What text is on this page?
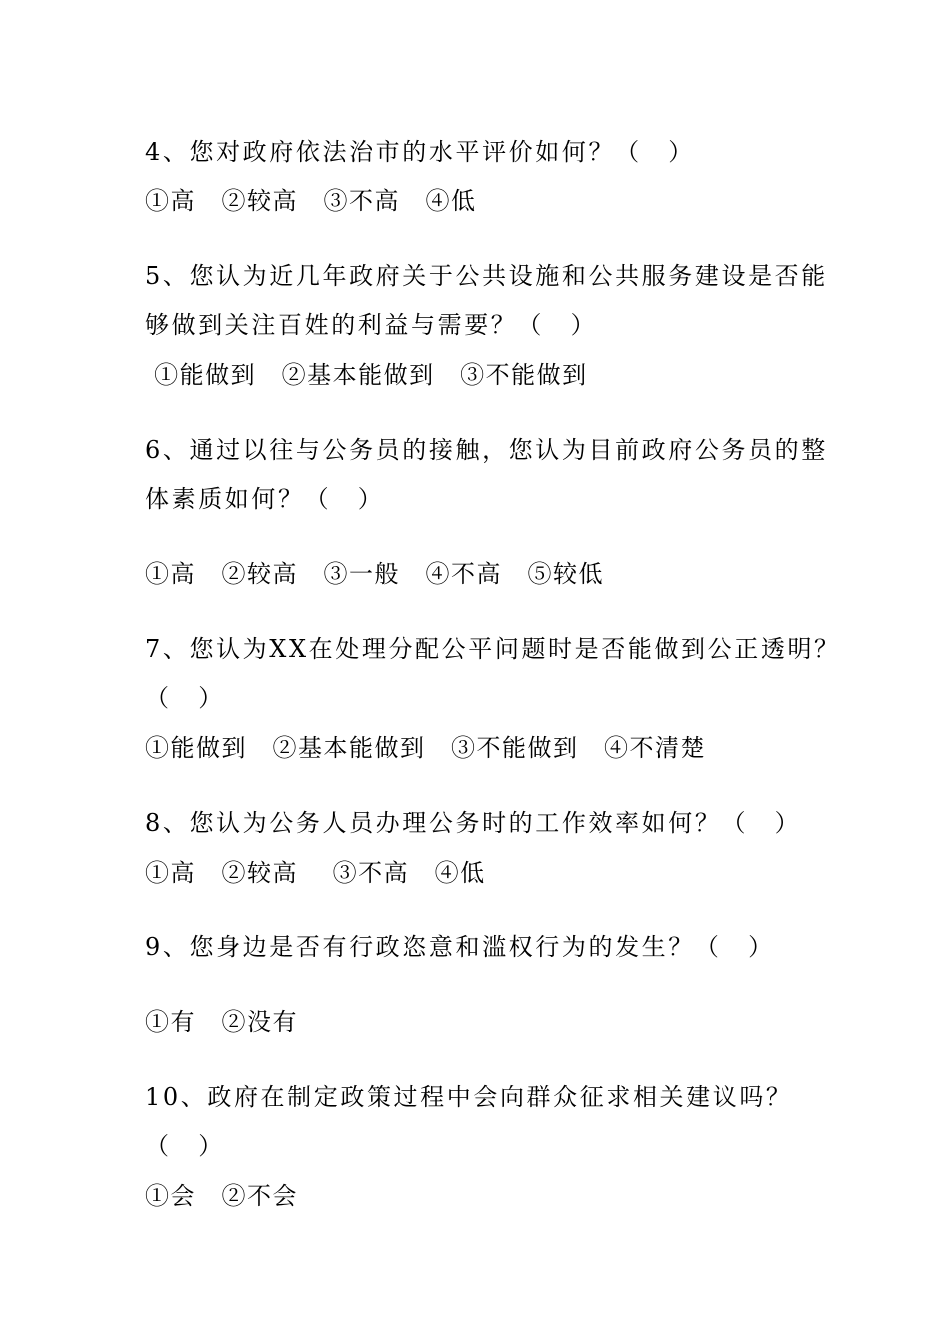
4、您对政府依法治市的水平评价如何？（　）
①高　②较高　③不高　④低
5、您认为近几年政府关于公共设施和公共服务建设是否能
够做到关注百姓的利益与需要？（　）
①能做到　②基本能做到　③不能做到
6、通过以往与公务员的接触，您认为目前政府公务员的整
体素质如何？（　）
①高　②较高　③一般　④不高　⑤较低
7、您认为XX在处理分配公平问题时是否能做到公正透明？
（　）
①能做到　②基本能做到　③不能做到　④不清楚
8、您认为公务人员办理公务时的工作效率如何？（　）
①高　②较高　 ③不高　④低
9、您身边是否有行政恣意和滥权行为的发生？（　）
①有　②没有
10、政府在制定政策过程中会向群众征求相关建议吗？
（　）
①会　②不会
